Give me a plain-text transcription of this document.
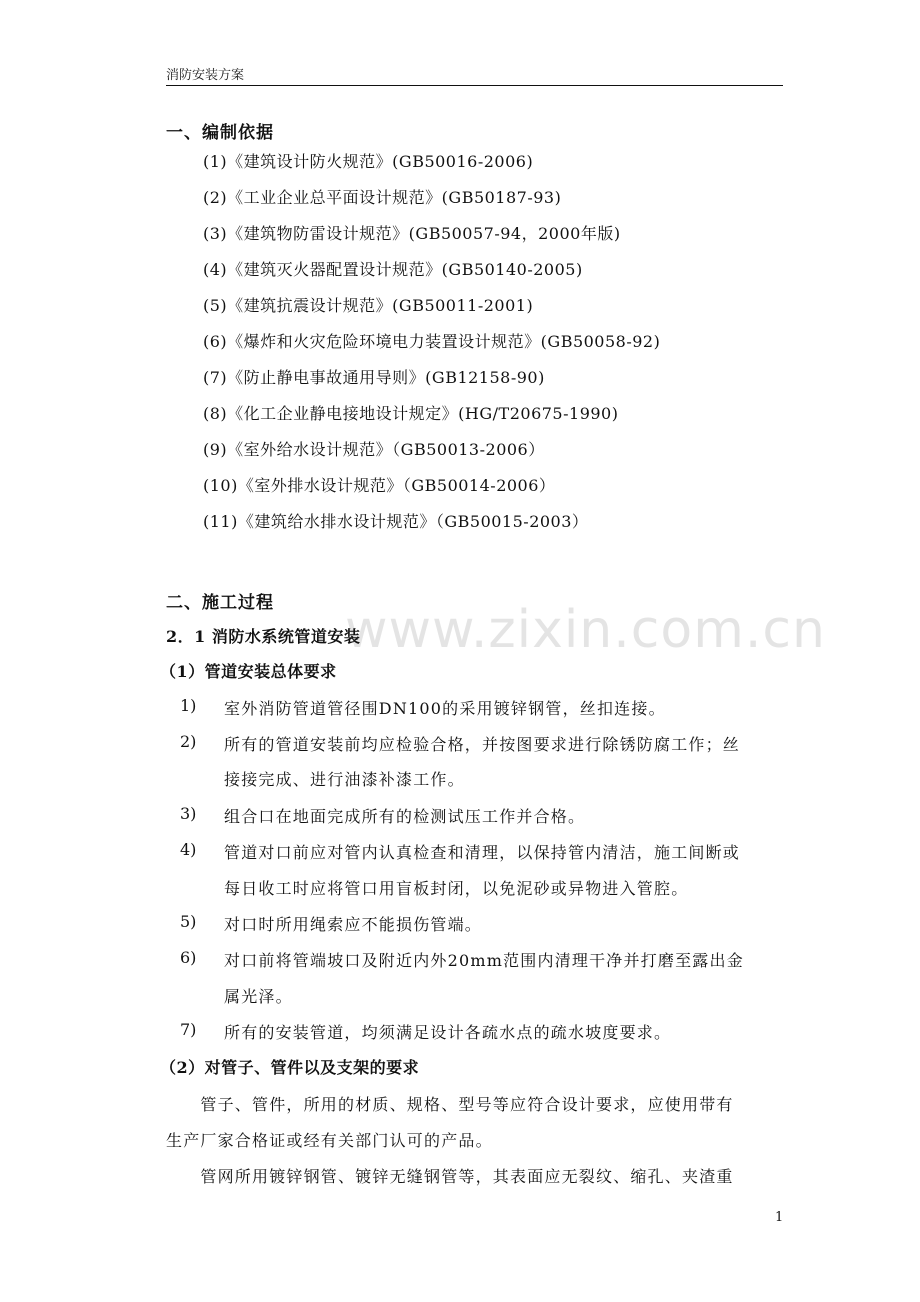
消防安装方案
www.zixin.com.cn
一、编制依据
(1)《建筑设计防火规范》(GB50016-2006)
(2)《工业企业总平面设计规范》(GB50187-93)
(3)《建筑物防雷设计规范》(GB50057-94，2000年版)
(4)《建筑灭火器配置设计规范》(GB50140-2005)
(5)《建筑抗震设计规范》(GB50011-2001)
(6)《爆炸和火灾危险环境电力装置设计规范》(GB50058-92)
(7)《防止静电事故通用导则》(GB12158-90)
(8)《化工企业静电接地设计规定》(HG/T20675-1990)
(9)《室外给水设计规范》（GB50013-2006）
(10)《室外排水设计规范》（GB50014-2006）
(11)《建筑给水排水设计规范》（GB50015-2003）
二、施工过程
2．1 消防水系统管道安装
（1）管道安装总体要求
1) 室外消防管道管径围DN100的采用镀锌钢管，丝扣连接。
2) 所有的管道安装前均应检验合格，并按图要求进行除锈防腐工作；丝
接接完成、进行油漆补漆工作。
3) 组合口在地面完成所有的检测试压工作并合格。
4) 管道对口前应对管内认真检查和清理，以保持管内清洁，施工间断或
每日收工时应将管口用盲板封闭，以免泥砂或异物进入管腔。
5) 对口时所用绳索应不能损伤管端。
6) 对口前将管端坡口及附近内外20mm范围内清理干净并打磨至露出金
属光泽。
7) 所有的安装管道，均须满足设计各疏水点的疏水坡度要求。
（2）对管子、管件以及支架的要求
　　管子、管件，所用的材质、规格、型号等应符合设计要求，应使用带有
生产厂家合格证或经有关部门认可的产品。
　　管网所用镀锌钢管、镀锌无缝钢管等，其表面应无裂纹、缩孔、夹渣重
1
